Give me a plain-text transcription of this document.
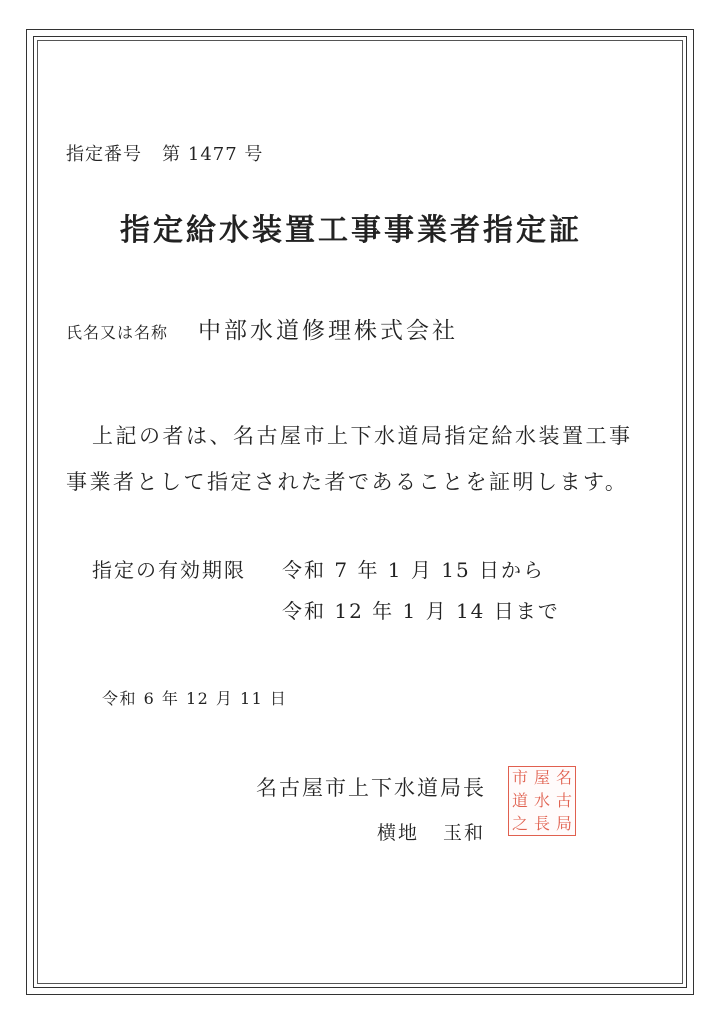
指定番号 第 1477 号
指定給水装置工事事業者指定証
氏名又は名称 中部水道修理株式会社
上記の者は、名古屋市上下水道局指定給水装置工事
事業者として指定された者であることを証明します。
指定の有効期限 令和 7 年 1 月 15 日から
令和 12 年 1 月 14 日まで
令和 6 年 12 月 11 日
名古屋市上下水道局長
横地 玉和
市 屋 名
道 水 古
之 長 局
